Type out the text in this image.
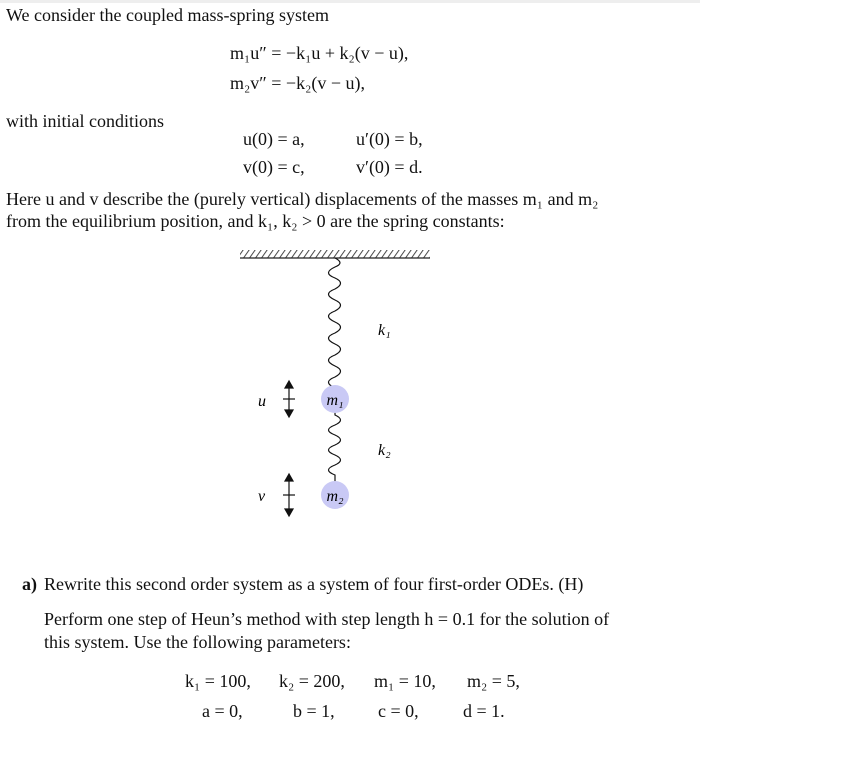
We consider the coupled mass-spring system
m₁u″ = −k₁u + k₂(v − u),
m₂v″ = −k₂(v − u),
with initial conditions
u(0) = a,	u′(0) = b,
v(0) = c,	v′(0) = d.
Here u and v describe the (purely vertical) displacements of the masses m₁ and m₂
from the equilibrium position, and k₁, k₂ > 0 are the spring constants:
m₁
m₂
k₁
k₂
u
v
a) Rewrite this second order system as a system of four first-order ODEs. (H)
Perform one step of Heun’s method with step length h = 0.1 for the solution of
this system. Use the following parameters:
k₁ = 100, k₂ = 200, m₁ = 10, m₂ = 5,
a = 0,	b = 1, c = 0, d = 1.
